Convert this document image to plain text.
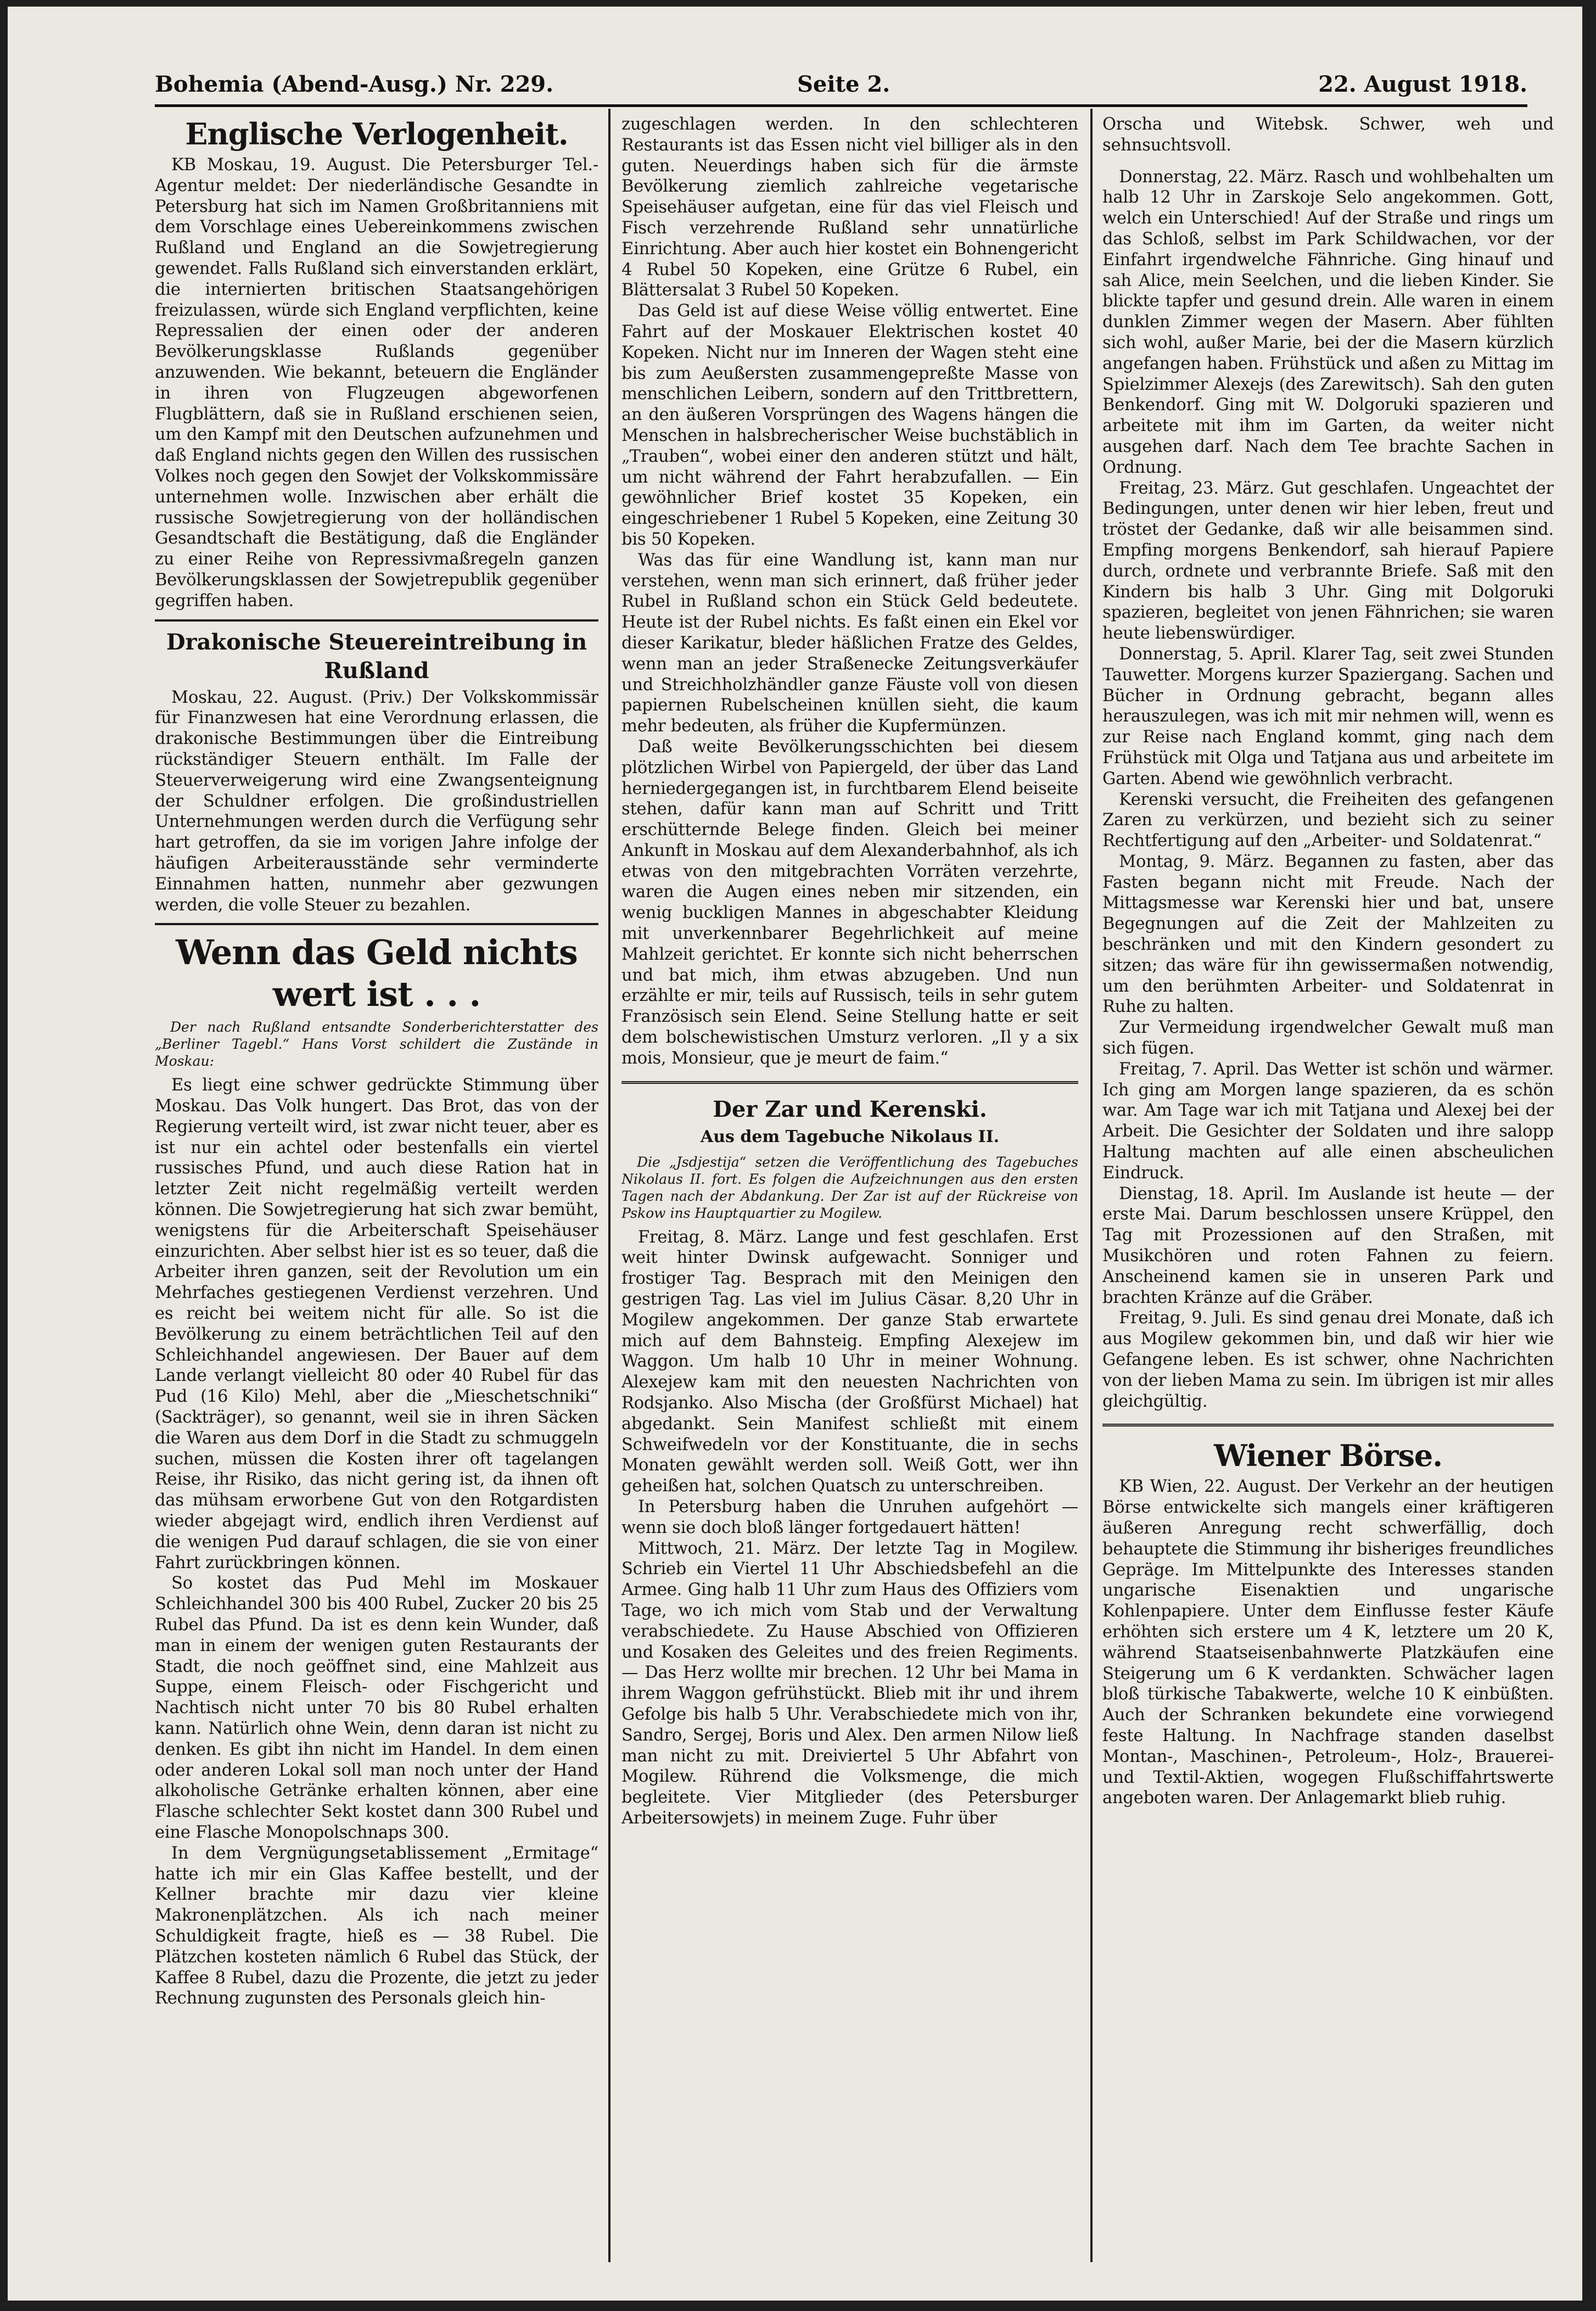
Bohemia (Abend-Ausg.) Nr. 229.	Seite 2.	22. August 1918.
Englische Verlogenheit.

KB Moskau, 19. August. Die Petersburger Tel.-Agentur meldet: Der niederländische Gesandte in Petersburg hat sich im Namen Großbritanniens mit dem Vorschlage eines Uebereinkommens zwischen Rußland und England an die Sowjetregierung gewendet. Falls Rußland sich einverstanden erklärt, die internierten britischen Staatsangehörigen freizulassen, würde sich England verpflichten, keine Repressalien der einen oder der anderen Bevölkerungsklasse Rußlands gegenüber anzuwenden. Wie bekannt, beteuern die Engländer in ihren von Flugzeugen abgeworfenen Flugblättern, daß sie in Rußland erschienen seien, um den Kampf mit den Deutschen aufzunehmen und daß England nichts gegen den Willen des russischen Volkes noch gegen den Sowjet der Volkskommissäre unternehmen wolle. Inzwischen aber erhält die russische Sowjetregierung von der holländischen Gesandtschaft die Bestätigung, daß die Engländer zu einer Reihe von Repressivmaßregeln ganzen Bevölkerungsklassen der Sowjetrepublik gegenüber gegriffen haben.

Drakonische Steuereintreibung in Rußland

Moskau, 22. August. (Priv.) Der Volkskommissär für Finanzwesen hat eine Verordnung erlassen, die drakonische Bestimmungen über die Eintreibung rückständiger Steuern enthält. Im Falle der Steuerverweigerung wird eine Zwangsenteignung der Schuldner erfolgen. Die großindustriellen Unternehmungen werden durch die Verfügung sehr hart getroffen, da sie im vorigen Jahre infolge der häufigen Arbeiterausstände sehr verminderte Einnahmen hatten, nunmehr aber gezwungen werden, die volle Steuer zu bezahlen.

Wenn das Geld nichts wert ist . . .

Der nach Rußland entsandte Sonderberichterstatter des „Berliner Tagebl.“ Hans Vorst schildert die Zustände in Moskau:

Es liegt eine schwer gedrückte Stimmung über Moskau. Das Volk hungert. Das Brot, das von der Regierung verteilt wird, ist zwar nicht teuer, aber es ist nur ein achtel oder bestenfalls ein viertel russisches Pfund, und auch diese Ration hat in letzter Zeit nicht regelmäßig verteilt werden können. Die Sowjetregierung hat sich zwar bemüht, wenigstens für die Arbeiterschaft Speisehäuser einzurichten. Aber selbst hier ist es so teuer, daß die Arbeiter ihren ganzen, seit der Revolution um ein Mehrfaches gestiegenen Verdienst verzehren. Und es reicht bei weitem nicht für alle. So ist die Bevölkerung zu einem beträchtlichen Teil auf den Schleichhandel angewiesen. Der Bauer auf dem Lande verlangt vielleicht 80 oder 40 Rubel für das Pud (16 Kilo) Mehl, aber die „Mieschetschniki“ (Sackträger), so genannt, weil sie in ihren Säcken die Waren aus dem Dorf in die Stadt zu schmuggeln suchen, müssen die Kosten ihrer oft tagelangen Reise, ihr Risiko, das nicht gering ist, da ihnen oft das mühsam erworbene Gut von den Rotgardisten wieder abgejagt wird, endlich ihren Verdienst auf die wenigen Pud darauf schlagen, die sie von einer Fahrt zurückbringen können.

So kostet das Pud Mehl im Moskauer Schleichhandel 300 bis 400 Rubel, Zucker 20 bis 25 Rubel das Pfund. Da ist es denn kein Wunder, daß man in einem der wenigen guten Restaurants der Stadt, die noch geöffnet sind, eine Mahlzeit aus Suppe, einem Fleisch- oder Fischgericht und Nachtisch nicht unter 70 bis 80 Rubel erhalten kann. Natürlich ohne Wein, denn daran ist nicht zu denken. Es gibt ihn nicht im Handel. In dem einen oder anderen Lokal soll man noch unter der Hand alkoholische Getränke erhalten können, aber eine Flasche schlechter Sekt kostet dann 300 Rubel und eine Flasche Monopolschnaps 300.

In dem Vergnügungsetablissement „Ermitage“ hatte ich mir ein Glas Kaffee bestellt, und der Kellner brachte mir dazu vier kleine Makronenplätzchen. Als ich nach meiner Schuldigkeit fragte, hieß es — 38 Rubel. Die Plätzchen kosteten nämlich 6 Rubel das Stück, der Kaffee 8 Rubel, dazu die Prozente, die jetzt zu jeder Rechnung zugunsten des Personals gleich hin-

zugeschlagen werden. In den schlechteren Restaurants ist das Essen nicht viel billiger als in den guten. Neuerdings haben sich für die ärmste Bevölkerung ziemlich zahlreiche vegetarische Speisehäuser aufgetan, eine für das viel Fleisch und Fisch verzehrende Rußland sehr unnatürliche Einrichtung. Aber auch hier kostet ein Bohnengericht 4 Rubel 50 Kopeken, eine Grütze 6 Rubel, ein Blättersalat 3 Rubel 50 Kopeken.

Das Geld ist auf diese Weise völlig entwertet. Eine Fahrt auf der Moskauer Elektrischen kostet 40 Kopeken. Nicht nur im Inneren der Wagen steht eine bis zum Aeußersten zusammengepreßte Masse von menschlichen Leibern, sondern auf den Trittbrettern, an den äußeren Vorsprüngen des Wagens hängen die Menschen in halsbrecherischer Weise buchstäblich in „Trauben“, wobei einer den anderen stützt und hält, um nicht während der Fahrt herabzufallen. — Ein gewöhnlicher Brief kostet 35 Kopeken, ein eingeschriebener 1 Rubel 5 Kopeken, eine Zeitung 30 bis 50 Kopeken.

Was das für eine Wandlung ist, kann man nur verstehen, wenn man sich erinnert, daß früher jeder Rubel in Rußland schon ein Stück Geld bedeutete. Heute ist der Rubel nichts. Es faßt einen ein Ekel vor dieser Karikatur, bleder häßlichen Fratze des Geldes, wenn man an jeder Straßenecke Zeitungsverkäufer und Streichholzhändler ganze Fäuste voll von diesen papiernen Rubelscheinen knüllen sieht, die kaum mehr bedeuten, als früher die Kupfermünzen.

Daß weite Bevölkerungsschichten bei diesem plötzlichen Wirbel von Papiergeld, der über das Land herniedergegangen ist, in furchtbarem Elend beiseite stehen, dafür kann man auf Schritt und Tritt erschütternde Belege finden. Gleich bei meiner Ankunft in Moskau auf dem Alexanderbahnhof, als ich etwas von den mitgebrachten Vorräten verzehrte, waren die Augen eines neben mir sitzenden, ein wenig buckligen Mannes in abgeschabter Kleidung mit unverkennbarer Begehrlichkeit auf meine Mahlzeit gerichtet. Er konnte sich nicht beherrschen und bat mich, ihm etwas abzugeben. Und nun erzählte er mir, teils auf Russisch, teils in sehr gutem Französisch sein Elend. Seine Stellung hatte er seit dem bolschewistischen Umsturz verloren. „Il y a six mois, Monsieur, que je meurt de faim.“

Der Zar und Kerenski.
Aus dem Tagebuche Nikolaus II.

Die „Jsdjestija“ setzen die Veröffentlichung des Tagebuches Nikolaus II. fort. Es folgen die Aufzeichnungen aus den ersten Tagen nach der Abdankung. Der Zar ist auf der Rückreise von Pskow ins Hauptquartier zu Mogilew.

Freitag, 8. März. Lange und fest geschlafen. Erst weit hinter Dwinsk aufgewacht. Sonniger und frostiger Tag. Besprach mit den Meinigen den gestrigen Tag. Las viel im Julius Cäsar. 8,20 Uhr in Mogilew angekommen. Der ganze Stab erwartete mich auf dem Bahnsteig. Empfing Alexejew im Waggon. Um halb 10 Uhr in meiner Wohnung. Alexejew kam mit den neuesten Nachrichten von Rodsjanko. Also Mischa (der Großfürst Michael) hat abgedankt. Sein Manifest schließt mit einem Schweifwedeln vor der Konstituante, die in sechs Monaten gewählt werden soll. Weiß Gott, wer ihn geheißen hat, solchen Quatsch zu unterschreiben.

In Petersburg haben die Unruhen aufgehört — wenn sie doch bloß länger fortgedauert hätten!

Mittwoch, 21. März. Der letzte Tag in Mogilew. Schrieb ein Viertel 11 Uhr Abschiedsbefehl an die Armee. Ging halb 11 Uhr zum Haus des Offiziers vom Tage, wo ich mich vom Stab und der Verwaltung verabschiedete. Zu Hause Abschied von Offizieren und Kosaken des Geleites und des freien Regiments. — Das Herz wollte mir brechen. 12 Uhr bei Mama in ihrem Waggon gefrühstückt. Blieb mit ihr und ihrem Gefolge bis halb 5 Uhr. Verabschiedete mich von ihr, Sandro, Sergej, Boris und Alex. Den armen Nilow ließ man nicht zu mit. Dreiviertel 5 Uhr Abfahrt von Mogilew. Rührend die Volksmenge, die mich begleitete. Vier Mitglieder (des Petersburger Arbeitersowjets) in meinem Zuge. Fuhr über

Orscha und Witebsk. Schwer, weh und sehnsuchtsvoll.

Donnerstag, 22. März. Rasch und wohlbehalten um halb 12 Uhr in Zarskoje Selo angekommen. Gott, welch ein Unterschied! Auf der Straße und rings um das Schloß, selbst im Park Schildwachen, vor der Einfahrt irgendwelche Fähnriche. Ging hinauf und sah Alice, mein Seelchen, und die lieben Kinder. Sie blickte tapfer und gesund drein. Alle waren in einem dunklen Zimmer wegen der Masern. Aber fühlten sich wohl, außer Marie, bei der die Masern kürzlich angefangen haben. Frühstück und aßen zu Mittag im Spielzimmer Alexejs (des Zarewitsch). Sah den guten Benkendorf. Ging mit W. Dolgoruki spazieren und arbeitete mit ihm im Garten, da weiter nicht ausgehen darf. Nach dem Tee brachte Sachen in Ordnung.

Freitag, 23. März. Gut geschlafen. Ungeachtet der Bedingungen, unter denen wir hier leben, freut und tröstet der Gedanke, daß wir alle beisammen sind. Empfing morgens Benkendorf, sah hierauf Papiere durch, ordnete und verbrannte Briefe. Saß mit den Kindern bis halb 3 Uhr. Ging mit Dolgoruki spazieren, begleitet von jenen Fähnrichen; sie waren heute liebenswürdiger.

Donnerstag, 5. April. Klarer Tag, seit zwei Stunden Tauwetter. Morgens kurzer Spaziergang. Sachen und Bücher in Ordnung gebracht, begann alles herauszulegen, was ich mit mir nehmen will, wenn es zur Reise nach England kommt, ging nach dem Frühstück mit Olga und Tatjana aus und arbeitete im Garten. Abend wie gewöhnlich verbracht.

Kerenski versucht, die Freiheiten des gefangenen Zaren zu verkürzen, und bezieht sich zu seiner Rechtfertigung auf den „Arbeiter- und Soldatenrat.“

Montag, 9. März. Begannen zu fasten, aber das Fasten begann nicht mit Freude. Nach der Mittagsmesse war Kerenski hier und bat, unsere Begegnungen auf die Zeit der Mahlzeiten zu beschränken und mit den Kindern gesondert zu sitzen; das wäre für ihn gewissermaßen notwendig, um den berühmten Arbeiter- und Soldatenrat in Ruhe zu halten.

Zur Vermeidung irgendwelcher Gewalt muß man sich fügen.

Freitag, 7. April. Das Wetter ist schön und wärmer. Ich ging am Morgen lange spazieren, da es schön war. Am Tage war ich mit Tatjana und Alexej bei der Arbeit. Die Gesichter der Soldaten und ihre salopp Haltung machten auf alle einen abscheulichen Eindruck.

Dienstag, 18. April. Im Auslande ist heute — der erste Mai. Darum beschlossen unsere Krüppel, den Tag mit Prozessionen auf den Straßen, mit Musikchören und roten Fahnen zu feiern. Anscheinend kamen sie in unseren Park und brachten Kränze auf die Gräber.

Freitag, 9. Juli. Es sind genau drei Monate, daß ich aus Mogilew gekommen bin, und daß wir hier wie Gefangene leben. Es ist schwer, ohne Nachrichten von der lieben Mama zu sein. Im übrigen ist mir alles gleichgültig.

Wiener Börse.

KB Wien, 22. August. Der Verkehr an der heutigen Börse entwickelte sich mangels einer kräftigeren äußeren Anregung recht schwerfällig, doch behauptete die Stimmung ihr bisheriges freundliches Gepräge. Im Mittelpunkte des Interesses standen ungarische Eisenaktien und ungarische Kohlenpapiere. Unter dem Einflusse fester Käufe erhöhten sich erstere um 4 K, letztere um 20 K, während Staatseisenbahnwerte Platzkäufen eine Steigerung um 6 K verdankten. Schwächer lagen bloß türkische Tabakwerte, welche 10 K einbüßten. Auch der Schranken bekundete eine vorwiegend feste Haltung. In Nachfrage standen daselbst Montan-, Maschinen-, Petroleum-, Holz-, Brauerei- und Textil-Aktien, wogegen Flußschiffahrtswerte angeboten waren. Der Anlagemarkt blieb ruhig.
